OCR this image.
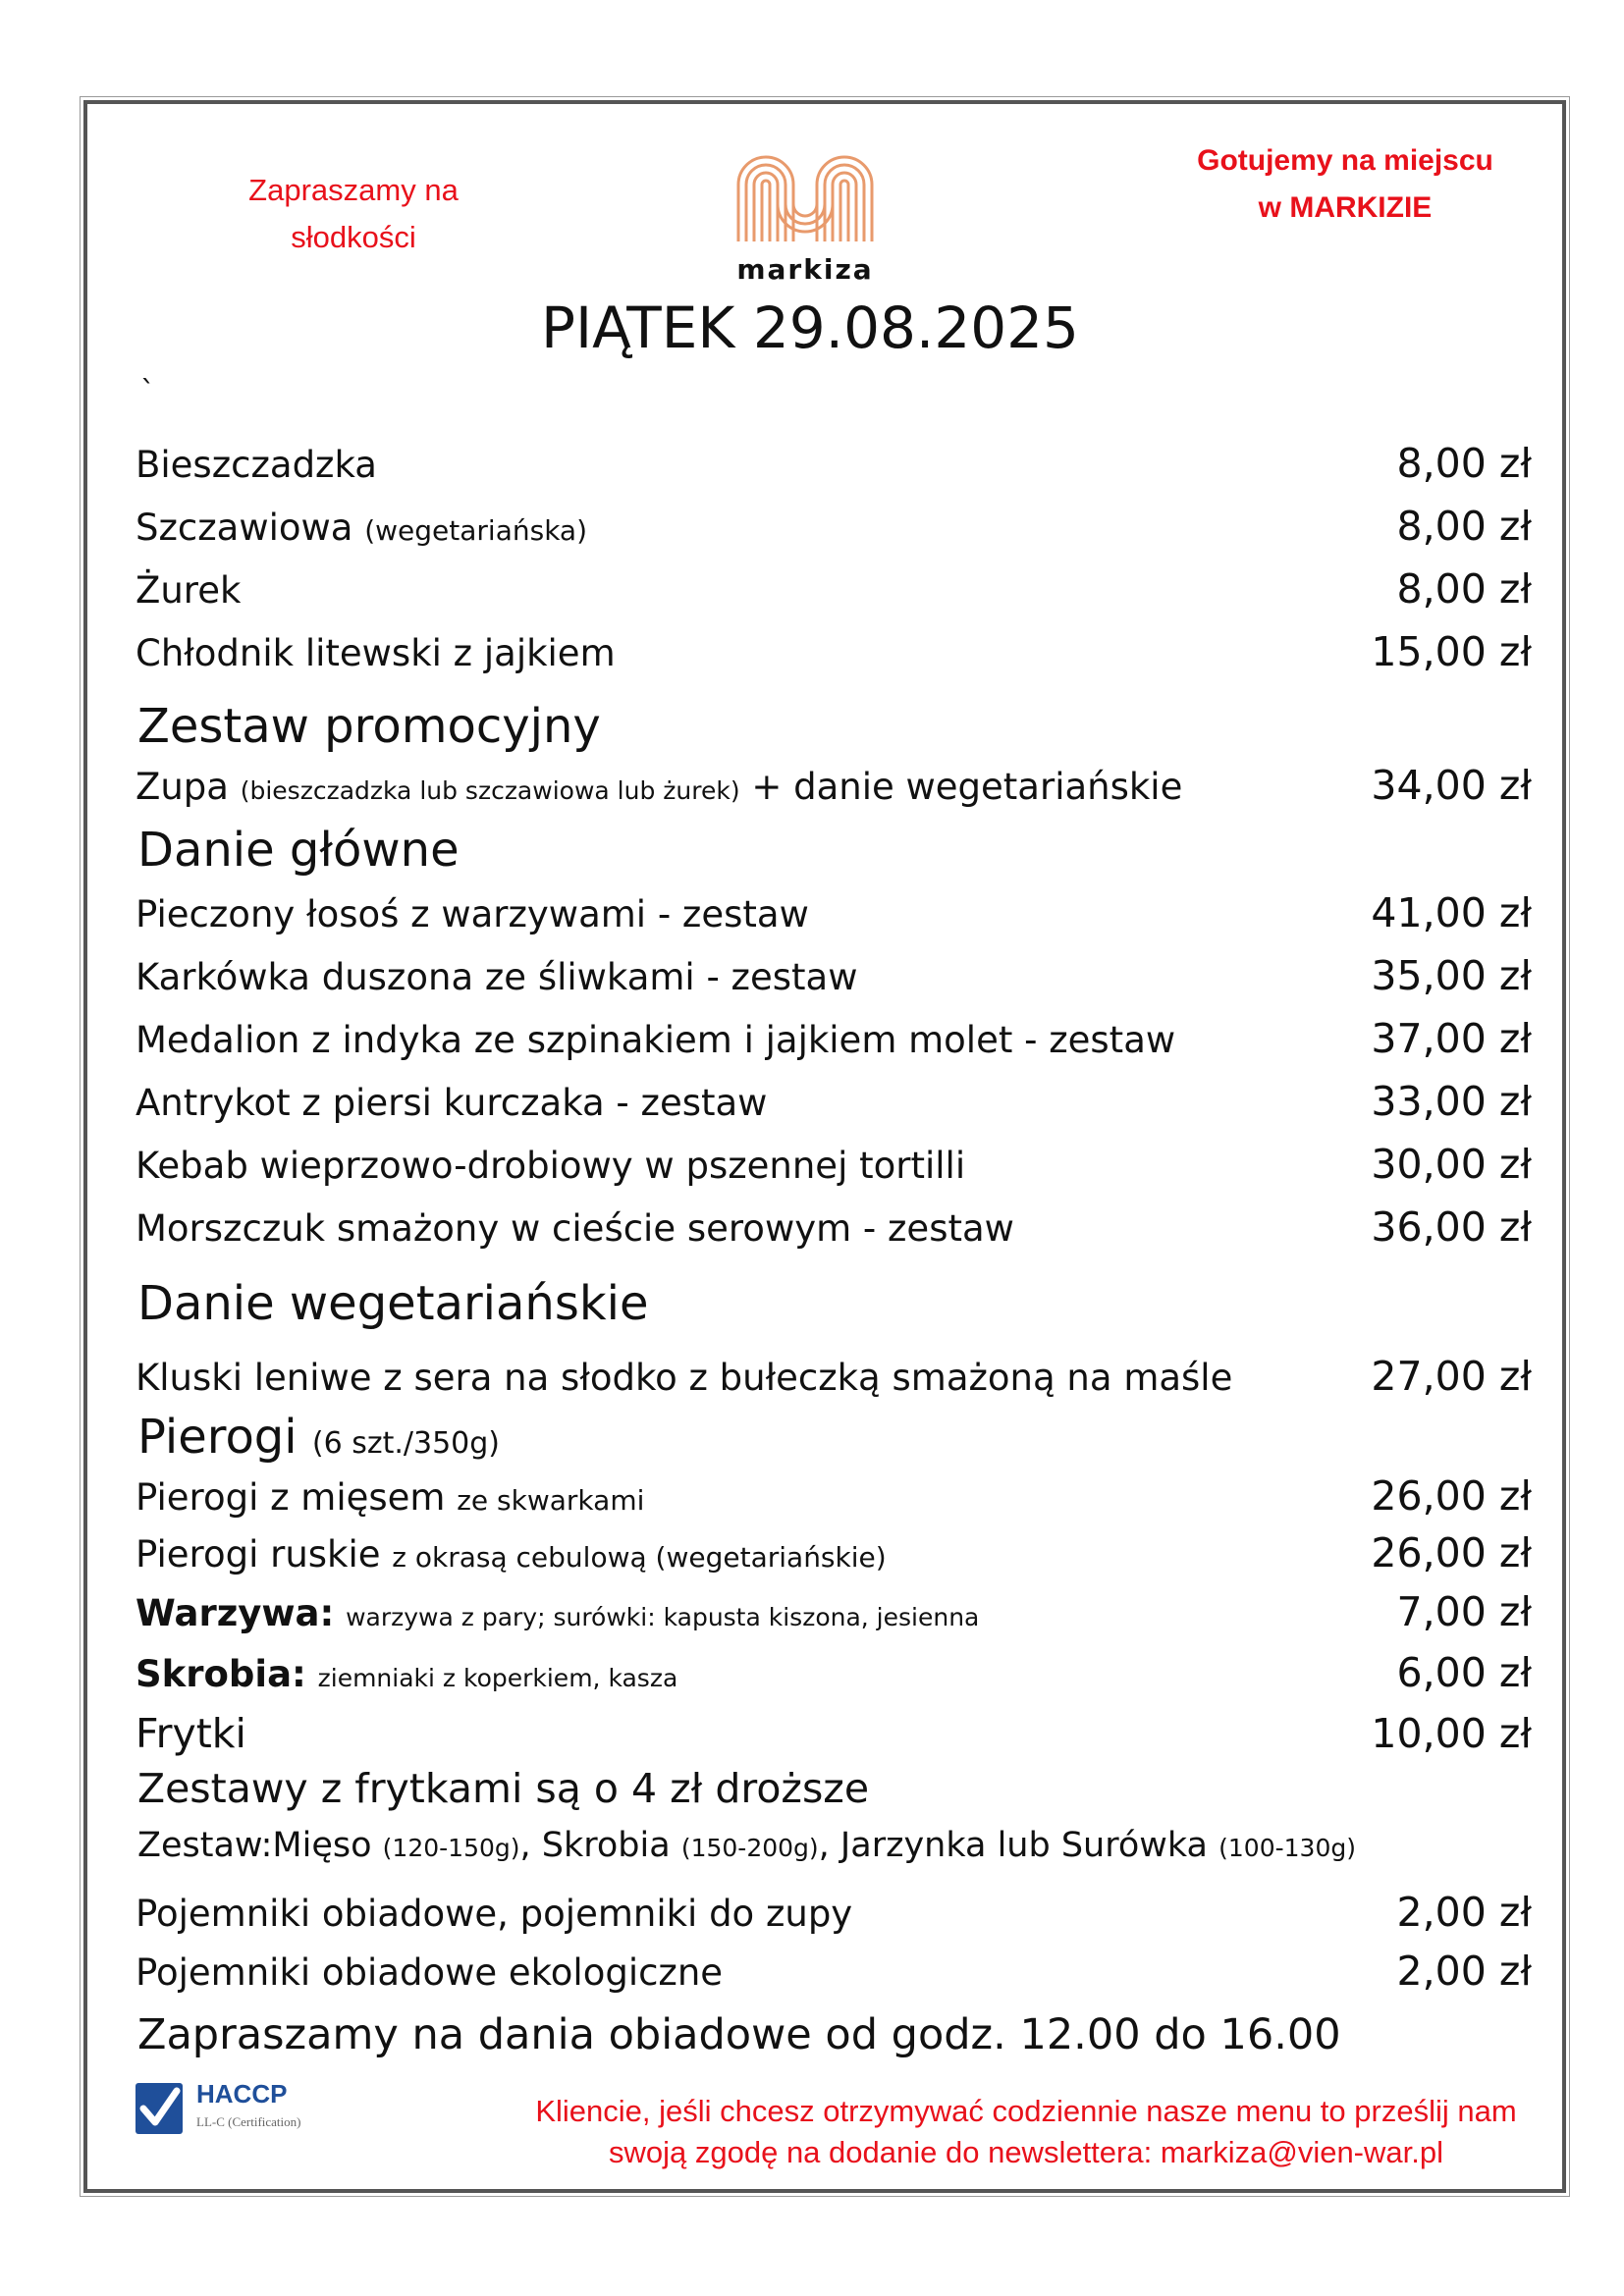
Zapraszamy na
słodkości
Gotujemy na miejscu
w MARKIZIE
markiza
PIĄTEK 29.08.2025
`
Bieszczadzka	8,00 zł
Szczawiowa (wegetariańska)	8,00 zł
Żurek	8,00 zł
Chłodnik litewski z jajkiem	15,00 zł
Zestaw promocyjny
Zupa (bieszczadzka lub szczawiowa lub żurek) + danie wegetariańskie	34,00 zł
Danie główne
Pieczony łosoś z warzywami - zestaw	41,00 zł
Karkówka duszona ze śliwkami - zestaw	35,00 zł
Medalion z indyka ze szpinakiem i jajkiem molet - zestaw	37,00 zł
Antrykot z piersi kurczaka - zestaw	33,00 zł
Kebab wieprzowo-drobiowy w pszennej tortilli	30,00 zł
Morszczuk smażony w cieście serowym - zestaw	36,00 zł
Danie wegetariańskie
Kluski leniwe z sera na słodko z bułeczką smażoną na maśle	27,00 zł
Pierogi (6 szt./350g)
Pierogi z mięsem ze skwarkami	26,00 zł
Pierogi ruskie z okrasą cebulową (wegetariańskie)	26,00 zł
Warzywa: warzywa z pary; surówki: kapusta kiszona, jesienna	7,00 zł
Skrobia: ziemniaki z koperkiem, kasza	6,00 zł
Frytki	10,00 zł
Zestawy z frytkami są o 4 zł droższe
Zestaw:Mięso (120-150g), Skrobia (150-200g), Jarzynka lub Surówka (100-130g)
Pojemniki obiadowe, pojemniki do zupy	2,00 zł
Pojemniki obiadowe ekologiczne	2,00 zł
Zapraszamy na dania obiadowe od godz. 12.00 do 16.00
HACCP
LL-C (Certification)	Kliencie, jeśli chcesz otrzymywać codziennie nasze menu to prześlij nam
swoją zgodę na dodanie do newslettera: markiza@vien-war.pl
